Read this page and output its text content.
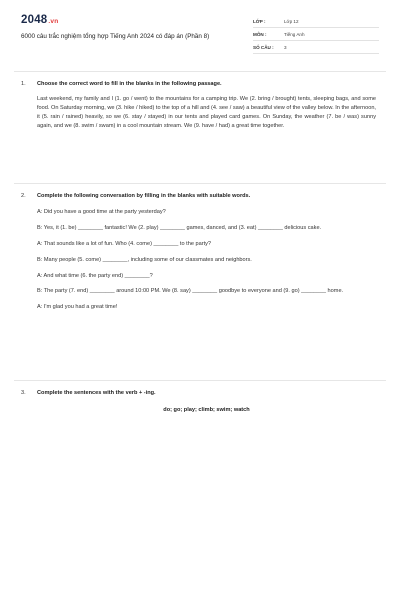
2048.vn
6000 câu trắc nghiệm tổng hợp Tiếng Anh 2024 có đáp án (Phần 8)
LỚP :	Lớp 12
MÔN :	Tiếng Anh
SỐ CÂU : 3
1. Choose the correct word to fill in the blanks in the following passage.
Last weekend, my family and I (1. go / went) to the mountains for a camping trip. We (2. bring / brought) tents, sleeping bags, and some food. On Saturday morning, we (3. hike / hiked) to the top of a hill and (4. see / saw) a beautiful view of the valley below. In the afternoon, it (5. rain / rained) heavily, so we (6. stay / stayed) in our tents and played card games. On Sunday, the weather (7. be / was) sunny again, and we (8. swim / swam) in a cool mountain stream. We (9. have / had) a great time together.
2. Complete the following conversation by filling in the blanks with suitable words.
A: Did you have a good time at the party yesterday?
B: Yes, it (1. be) ________ fantastic! We (2. play) ________ games, danced, and (3. eat) ________ delicious cake.
A: That sounds like a lot of fun. Who (4. come) ________ to the party?
B: Many people (5. come) ________, including some of our classmates and neighbors.
A: And what time (6. the party end) ________?
B: The party (7. end) ________ around 10:00 PM. We (8. say) ________ goodbye to everyone and (9. go) ________ home.
A: I'm glad you had a great time!
3. Complete the sentences with the verb + -ing.
do; go; play; climb; swim; watch
